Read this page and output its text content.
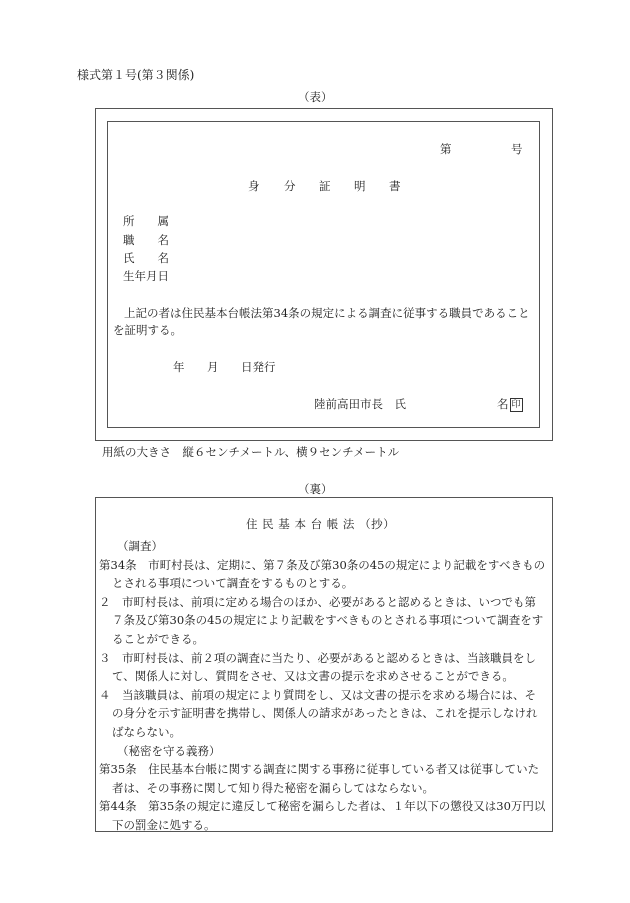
様式第１号(第３関係)
（表）
第	号
身 分 証 明 書
所　　属
職　　名
氏　　名
生年月日
上記の者は住民基本台帳法第34条の規定による調査に従事する職員であること
を証明する。
年 月 日発行
陸前高田市長　氏	名 印
用紙の大きさ　縦６センチメートル、横９センチメートル
（裏）
住 民 基 本 台 帳 法 （抄）
（調査）
第34条　市町村長は、定期に、第７条及び第30条の45の規定により記載をすべきもの
とされる事項について調査をするものとする。
２　市町村長は、前項に定める場合のほか、必要があると認めるときは、いつでも第
７条及び第30条の45の規定により記載をすべきものとされる事項について調査をす
ることができる。
３　市町村長は、前２項の調査に当たり、必要があると認めるときは、当該職員をし
て、関係人に対し、質問をさせ、又は文書の提示を求めさせることができる。
４　当該職員は、前項の規定により質問をし、又は文書の提示を求める場合には、そ
の身分を示す証明書を携帯し、関係人の請求があったときは、これを提示しなけれ
ばならない。
（秘密を守る義務）
第35条　住民基本台帳に関する調査に関する事務に従事している者又は従事していた
者は、その事務に関して知り得た秘密を漏らしてはならない。
第44条　第35条の規定に違反して秘密を漏らした者は、１年以下の懲役又は30万円以
下の罰金に処する。
